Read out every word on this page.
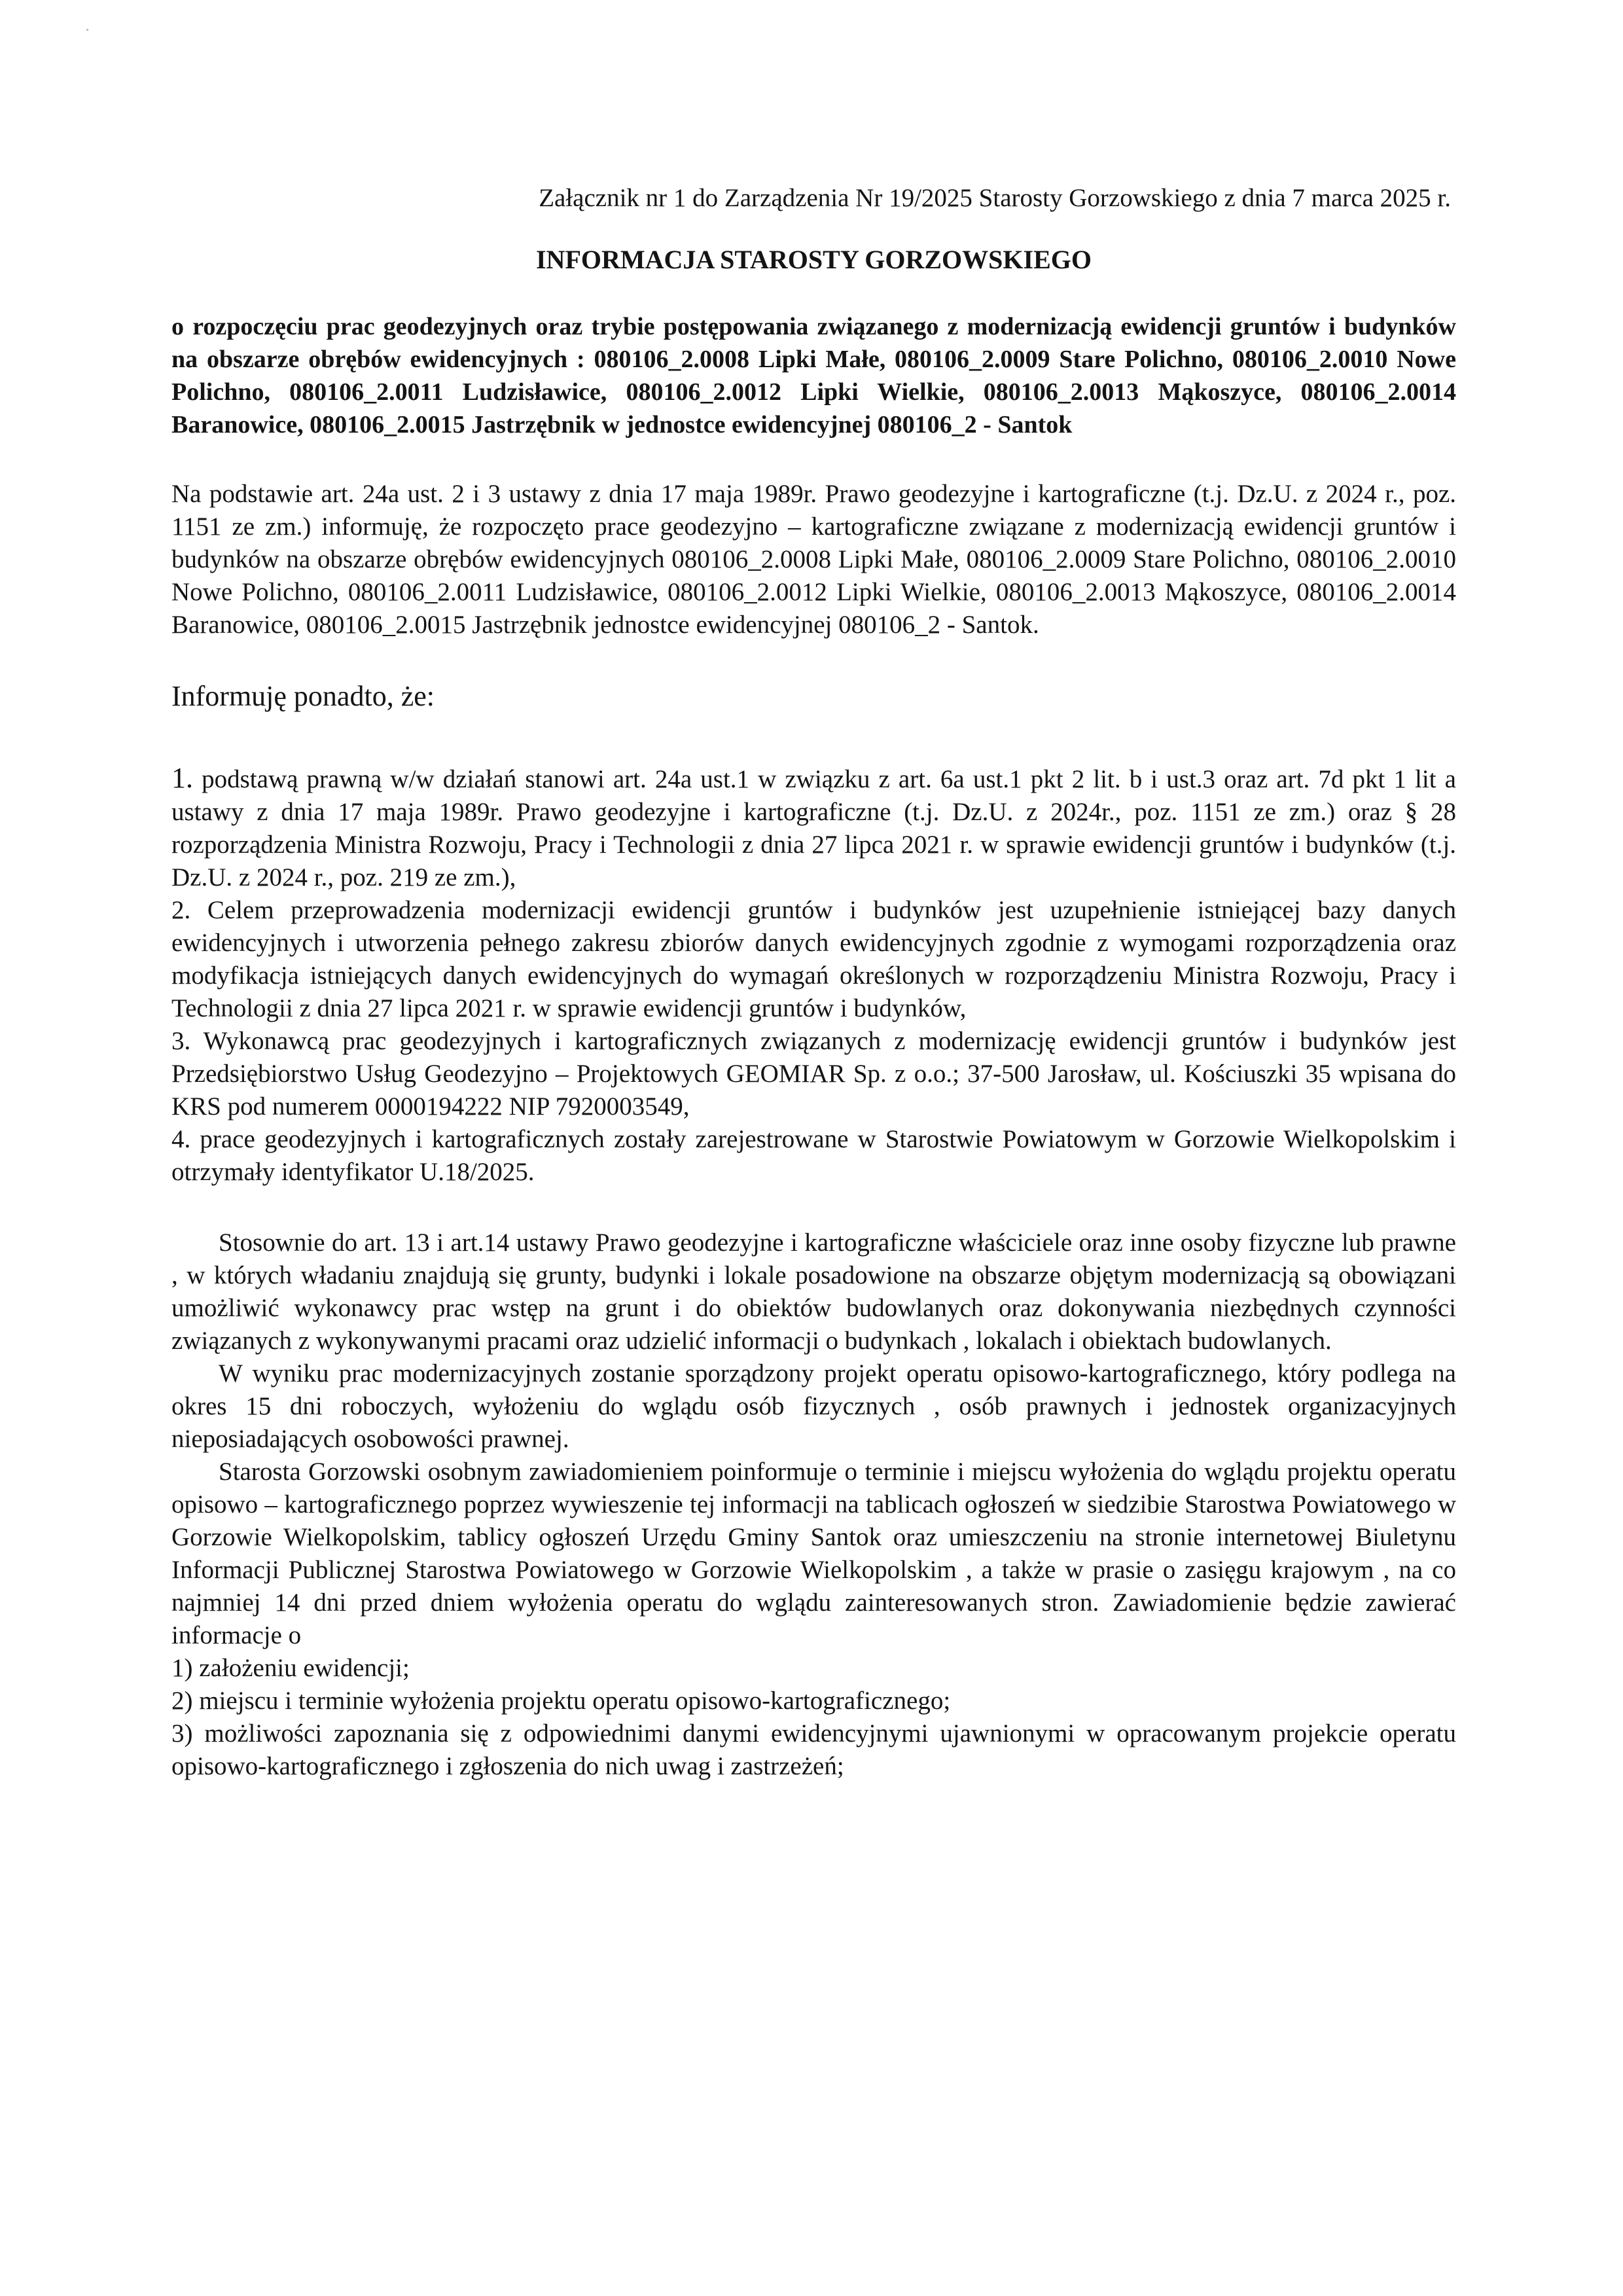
Załącznik nr 1 do Zarządzenia Nr 19/2025 Starosty Gorzowskiego z dnia 7 marca 2025 r.

INFORMACJA STAROSTY GORZOWSKIEGO

o rozpoczęciu prac geodezyjnych oraz trybie postępowania związanego z modernizacją ewidencji gruntów i budynków na obszarze obrębów ewidencyjnych : 080106_2.0008 Lipki Małe, 080106_2.0009 Stare Polichno, 080106_2.0010 Nowe Polichno, 080106_2.0011 Ludzisławice, 080106_2.0012 Lipki Wielkie, 080106_2.0013 Mąkoszyce, 080106_2.0014 Baranowice, 080106_2.0015 Jastrzębnik w jednostce ewidencyjnej 080106_2 - Santok

Na podstawie art. 24a ust. 2 i 3 ustawy z dnia 17 maja 1989r. Prawo geodezyjne i kartograficzne (t.j. Dz.U. z 2024 r., poz. 1151 ze zm.) informuję, że rozpoczęto prace geodezyjno – kartograficzne związane z modernizacją ewidencji gruntów i budynków na obszarze obrębów ewidencyjnych 080106_2.0008 Lipki Małe, 080106_2.0009 Stare Polichno, 080106_2.0010 Nowe Polichno, 080106_2.0011 Ludzisławice, 080106_2.0012 Lipki Wielkie, 080106_2.0013 Mąkoszyce, 080106_2.0014 Baranowice, 080106_2.0015 Jastrzębnik jednostce ewidencyjnej 080106_2 - Santok.

Informuję ponadto, że:

1. podstawą prawną w/w działań stanowi art. 24a ust.1 w związku z art. 6a ust.1 pkt 2 lit. b i ust.3 oraz art. 7d pkt 1 lit a ustawy z dnia 17 maja 1989r. Prawo geodezyjne i kartograficzne (t.j. Dz.U. z 2024r., poz. 1151 ze zm.) oraz § 28 rozporządzenia Ministra Rozwoju, Pracy i Technologii z dnia 27 lipca 2021 r. w sprawie ewidencji gruntów i budynków (t.j. Dz.U. z 2024 r., poz. 219 ze zm.),

2. Celem przeprowadzenia modernizacji ewidencji gruntów i budynków jest uzupełnienie istniejącej bazy danych ewidencyjnych i utworzenia pełnego zakresu zbiorów danych ewidencyjnych zgodnie z wymogami rozporządzenia oraz modyfikacja istniejących danych ewidencyjnych do wymagań określonych w rozporządzeniu Ministra Rozwoju, Pracy i Technologii z dnia 27 lipca 2021 r. w sprawie ewidencji gruntów i budynków,

3. Wykonawcą prac geodezyjnych i kartograficznych związanych z modernizację ewidencji gruntów i budynków jest Przedsiębiorstwo Usług Geodezyjno – Projektowych GEOMIAR Sp. z o.o.; 37-500 Jarosław, ul. Kościuszki 35 wpisana do KRS pod numerem 0000194222 NIP 7920003549,

4. prace geodezyjnych i kartograficznych zostały zarejestrowane w Starostwie Powiatowym w Gorzowie Wielkopolskim i otrzymały identyfikator U.18/2025.

Stosownie do art. 13 i art.14 ustawy Prawo geodezyjne i kartograficzne właściciele oraz inne osoby fizyczne lub prawne , w których władaniu znajdują się grunty, budynki i lokale posadowione na obszarze objętym modernizacją są obowiązani umożliwić wykonawcy prac wstęp na grunt i do obiektów budowlanych oraz dokonywania niezbędnych czynności związanych z wykonywanymi pracami oraz udzielić informacji o budynkach , lokalach i obiektach budowlanych.

W wyniku prac modernizacyjnych zostanie sporządzony projekt operatu opisowo-kartograficznego, który podlega na okres 15 dni roboczych, wyłożeniu do wglądu osób fizycznych , osób prawnych i jednostek organizacyjnych nieposiadających osobowości prawnej.

Starosta Gorzowski osobnym zawiadomieniem poinformuje o terminie i miejscu wyłożenia do wglądu projektu operatu opisowo – kartograficznego poprzez wywieszenie tej informacji na tablicach ogłoszeń w siedzibie Starostwa Powiatowego w Gorzowie Wielkopolskim, tablicy ogłoszeń Urzędu Gminy Santok oraz umieszczeniu na stronie internetowej Biuletynu Informacji Publicznej Starostwa Powiatowego w Gorzowie Wielkopolskim , a także w prasie o zasięgu krajowym , na co najmniej 14 dni przed dniem wyłożenia operatu do wglądu zainteresowanych stron. Zawiadomienie będzie zawierać informacje o

1) założeniu ewidencji;

2) miejscu i terminie wyłożenia projektu operatu opisowo-kartograficznego;

3) możliwości zapoznania się z odpowiednimi danymi ewidencyjnymi ujawnionymi w opracowanym projekcie operatu opisowo-kartograficznego i zgłoszenia do nich uwag i zastrzeżeń;
